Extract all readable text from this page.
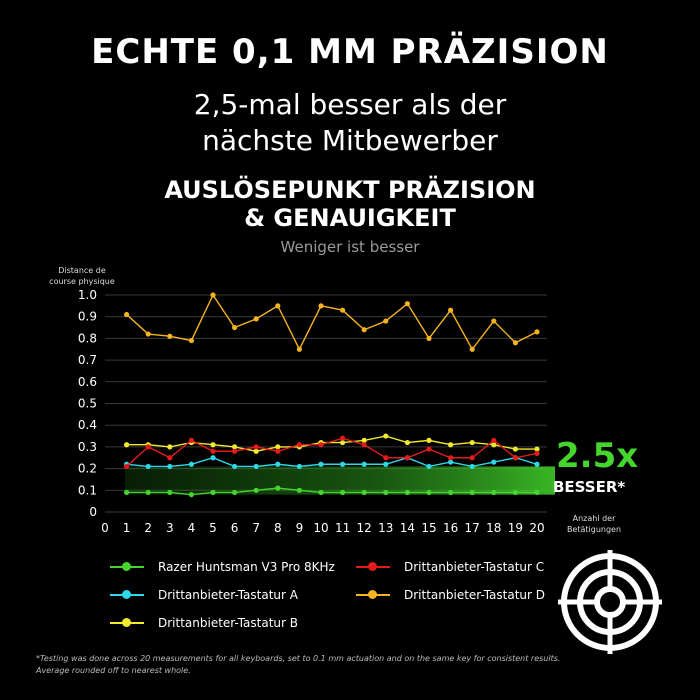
ECHTE 0,1 MM PRÄZISION
2,5-mal besser als der
nächste Mitbewerber
AUSLÖSEPUNKT PRÄZISION
& GENAUIGKEIT
Weniger ist besser
Distance de
course physique
Anzahl der
Betätigungen
0
0.1
0.2
0.3
0.4
0.5
0.6
0.7
0.8
0.9
1.0
0 1 2 3 4 5 6 7 8 9 10 11 12 13 14 15 16 17 18 19 20
2.5x
BESSER*
Razer Huntsman V3 Pro 8KHz
Drittanbieter-Tastatur A
Drittanbieter-Tastatur B
Drittanbieter-Tastatur C
Drittanbieter-Tastatur D
*Testing was done across 20 measurements for all keyboards, set to 0.1 mm actuation and on the same key for consistent results.
Average rounded off to nearest whole.
